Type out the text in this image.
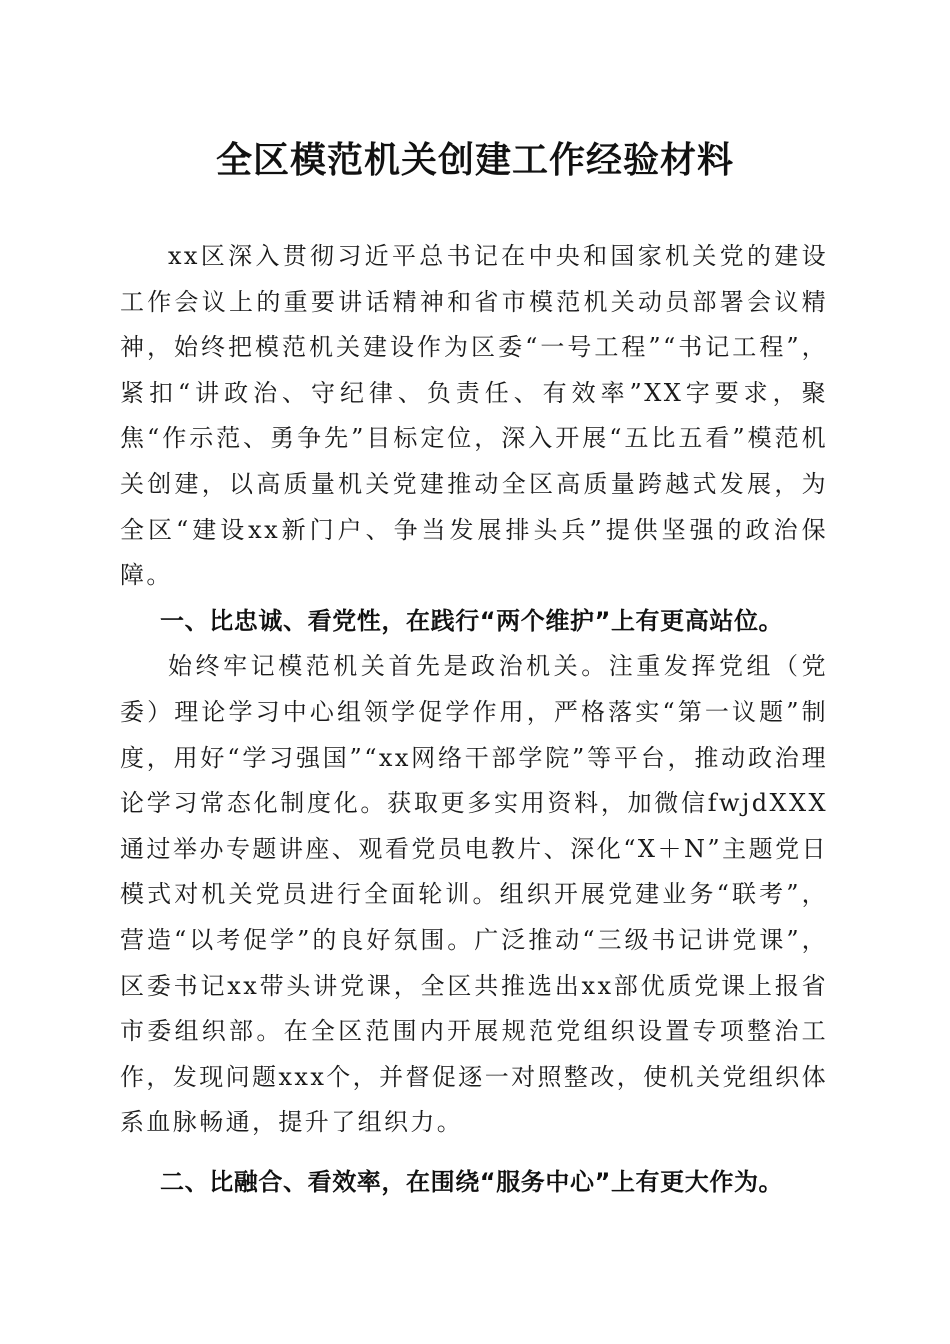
全区模范机关创建工作经验材料

xx区深入贯彻习近平总书记在中央和国家机关党的建设工作会议上的重要讲话精神和省市模范机关动员部署会议精神，始终把模范机关建设作为区委“一号工程”“书记工程”，紧扣“讲政治、守纪律、负责任、有效率”XX字要求，聚焦“作示范、勇争先”目标定位，深入开展“五比五看”模范机关创建，以高质量机关党建推动全区高质量跨越式发展，为全区“建设xx新门户、争当发展排头兵”提供坚强的政治保障。

一、比忠诚、看党性，在践行“两个维护”上有更高站位。

始终牢记模范机关首先是政治机关。注重发挥党组（党委）理论学习中心组领学促学作用，严格落实“第一议题”制度，用好“学习强国”“xx网络干部学院”等平台，推动政治理论学习常态化制度化。获取更多实用资料，加微信fwjdXXX通过举办专题讲座、观看党员电教片、深化“X＋N”主题党日模式对机关党员进行全面轮训。组织开展党建业务“联考”，营造“以考促学”的良好氛围。广泛推动“三级书记讲党课”，区委书记xx带头讲党课，全区共推选出xx部优质党课上报省市委组织部。在全区范围内开展规范党组织设置专项整治工作，发现问题xxx个，并督促逐一对照整改，使机关党组织体系血脉畅通，提升了组织力。

二、比融合、看效率，在围绕“服务中心”上有更大作为。
